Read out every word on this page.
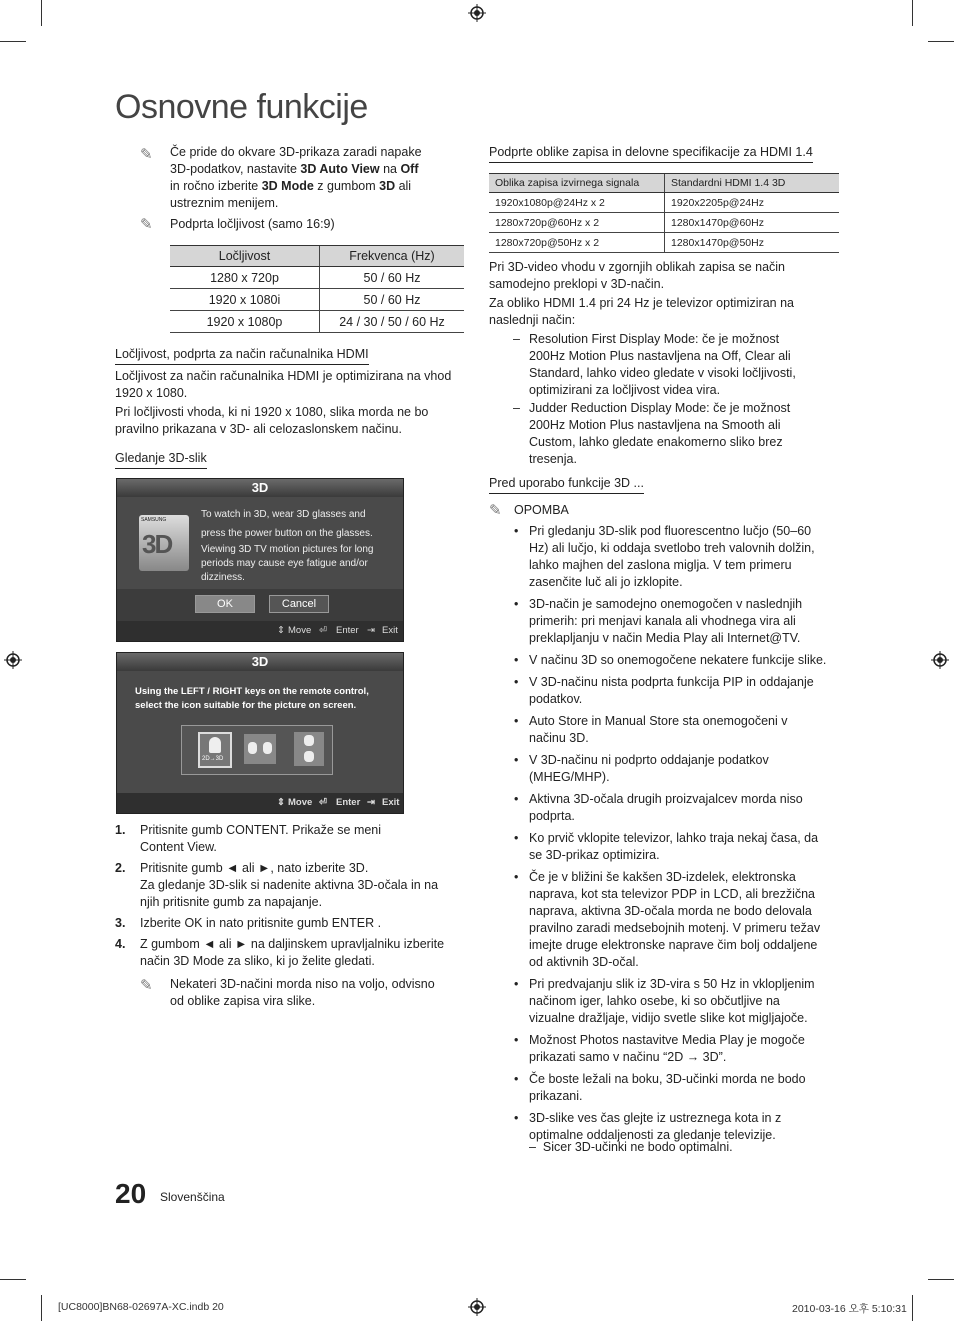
Osnovne funkcije
✎	Če pride do okvare 3D-prikaza zaradi napake
3D-podatkov, nastavite 3D Auto View na Off
in ročno izberite 3D Mode z gumbom 3D ali
ustreznim menijem.
✎	Podprta ločljivost (samo 16:9)
Ločljivost	Frekvenca (Hz)
1280 x 720p	50 / 60 Hz
1920 x 1080i	50 / 60 Hz
1920 x 1080p	24 / 30 / 50 / 60 Hz
Ločljivost, podprta za način računalnika HDMI
Ločljivost za način računalnika HDMI je optimizirana na vhod
1920 x 1080.
Pri ločljivosti vhoda, ki ni 1920 x 1080, slika morda ne bo
pravilno prikazana v 3D- ali celozaslonskem načinu.
Gledanje 3D-slik
3D
SAMSUNG
3D
To watch in 3D, wear 3D glasses and
press the power button on the glasses.
Viewing 3D TV motion pictures for long
periods may cause eye fatigue and/or
dizziness.
OK	Cancel
⇕ Move ⏎ Enter ⇥ Exit
3D
Using the LEFT / RIGHT keys on the remote control,
select the icon suitable for the picture on screen.
2D→3D
⇕ Move ⏎ Enter ⇥ Exit
1. Pritisnite gumb CONTENT. Prikaže se meni
Content View.
2. Pritisnite gumb ◄ ali ►, nato izberite 3D.
Za gledanje 3D-slik si nadenite aktivna 3D-očala in na
njih pritisnite gumb za napajanje.
3. Izberite OK in nato pritisnite gumb ENTER .
4. Z gumbom ◄ ali ► na daljinskem upravljalniku izberite
način 3D Mode za sliko, ki jo želite gledati.
✎	Nekateri 3D-načini morda niso na voljo, odvisno
od oblike zapisa vira slike.
Podprte oblike zapisa in delovne specifikacije za HDMI 1.4
Oblika zapisa izvirnega signala	Standardni HDMI 1.4 3D
1920x1080p@24Hz x 2	1920x2205p@24Hz
1280x720p@60Hz x 2	1280x1470p@60Hz
1280x720p@50Hz x 2	1280x1470p@50Hz
Pri 3D-video vhodu v zgornjih oblikah zapisa se način
samodejno preklopi v 3D-način.
Za obliko HDMI 1.4 pri 24 Hz je televizor optimiziran na
naslednji način:
– Resolution First Display Mode: če je možnost
200Hz Motion Plus nastavljena na Off, Clear ali
Standard, lahko video gledate v visoki ločljivosti,
optimizirani za ločljivost videa vira.
– Judder Reduction Display Mode: če je možnost
200Hz Motion Plus nastavljena na Smooth ali
Custom, lahko gledate enakomerno sliko brez
tresenja.
Pred uporabo funkcije 3D ...
✎ OPOMBA
• Pri gledanju 3D-slik pod fluorescentno lučjo (50–60
Hz) ali lučjo, ki oddaja svetlobo treh valovnih dolžin,
lahko majhen del zaslona miglja. V tem primeru
zasenčite luč ali jo izklopite.
• 3D-način je samodejno onemogočen v naslednjih
primerih: pri menjavi kanala ali vhodnega vira ali
preklapljanju v način Media Play ali Internet@TV.
• V načinu 3D so onemogočene nekatere funkcije slike.
• V 3D-načinu nista podprta funkcija PIP in oddajanje
podatkov.
• Auto Store in Manual Store sta onemogočeni v
načinu 3D.
• V 3D-načinu ni podprto oddajanje podatkov
(MHEG/MHP).
• Aktivna 3D-očala drugih proizvajalcev morda niso
podprta.
• Ko prvič vklopite televizor, lahko traja nekaj časa, da
se 3D-prikaz optimizira.
• Če je v bližini še kakšen 3D-izdelek, elektronska
naprava, kot sta televizor PDP in LCD, ali brezžična
naprava, aktivna 3D-očala morda ne bodo delovala
pravilno zaradi medsebojnih motenj. V primeru težav
imejte druge elektronske naprave čim bolj oddaljene
od aktivnih 3D-očal.
• Pri predvajanju slik iz 3D-vira s 50 Hz in vklopljenim
načinom iger, lahko osebe, ki so občutljive na
vizualne dražljaje, vidijo svetle slike kot migljajoče.
• Možnost Photos nastavitve Media Play je mogoče
prikazati samo v načinu “2D → 3D”.
• Če boste ležali na boku, 3D-učinki morda ne bodo
prikazani.
• 3D-slike ves čas glejte iz ustreznega kota in z
optimalne oddaljenosti za gledanje televizije.
–  Sicer 3D-učinki ne bodo optimalni.
20 Slovenščina
[UC8000]BN68-02697A-XC.indb 20	2010-03-16 오후 5:10:31
